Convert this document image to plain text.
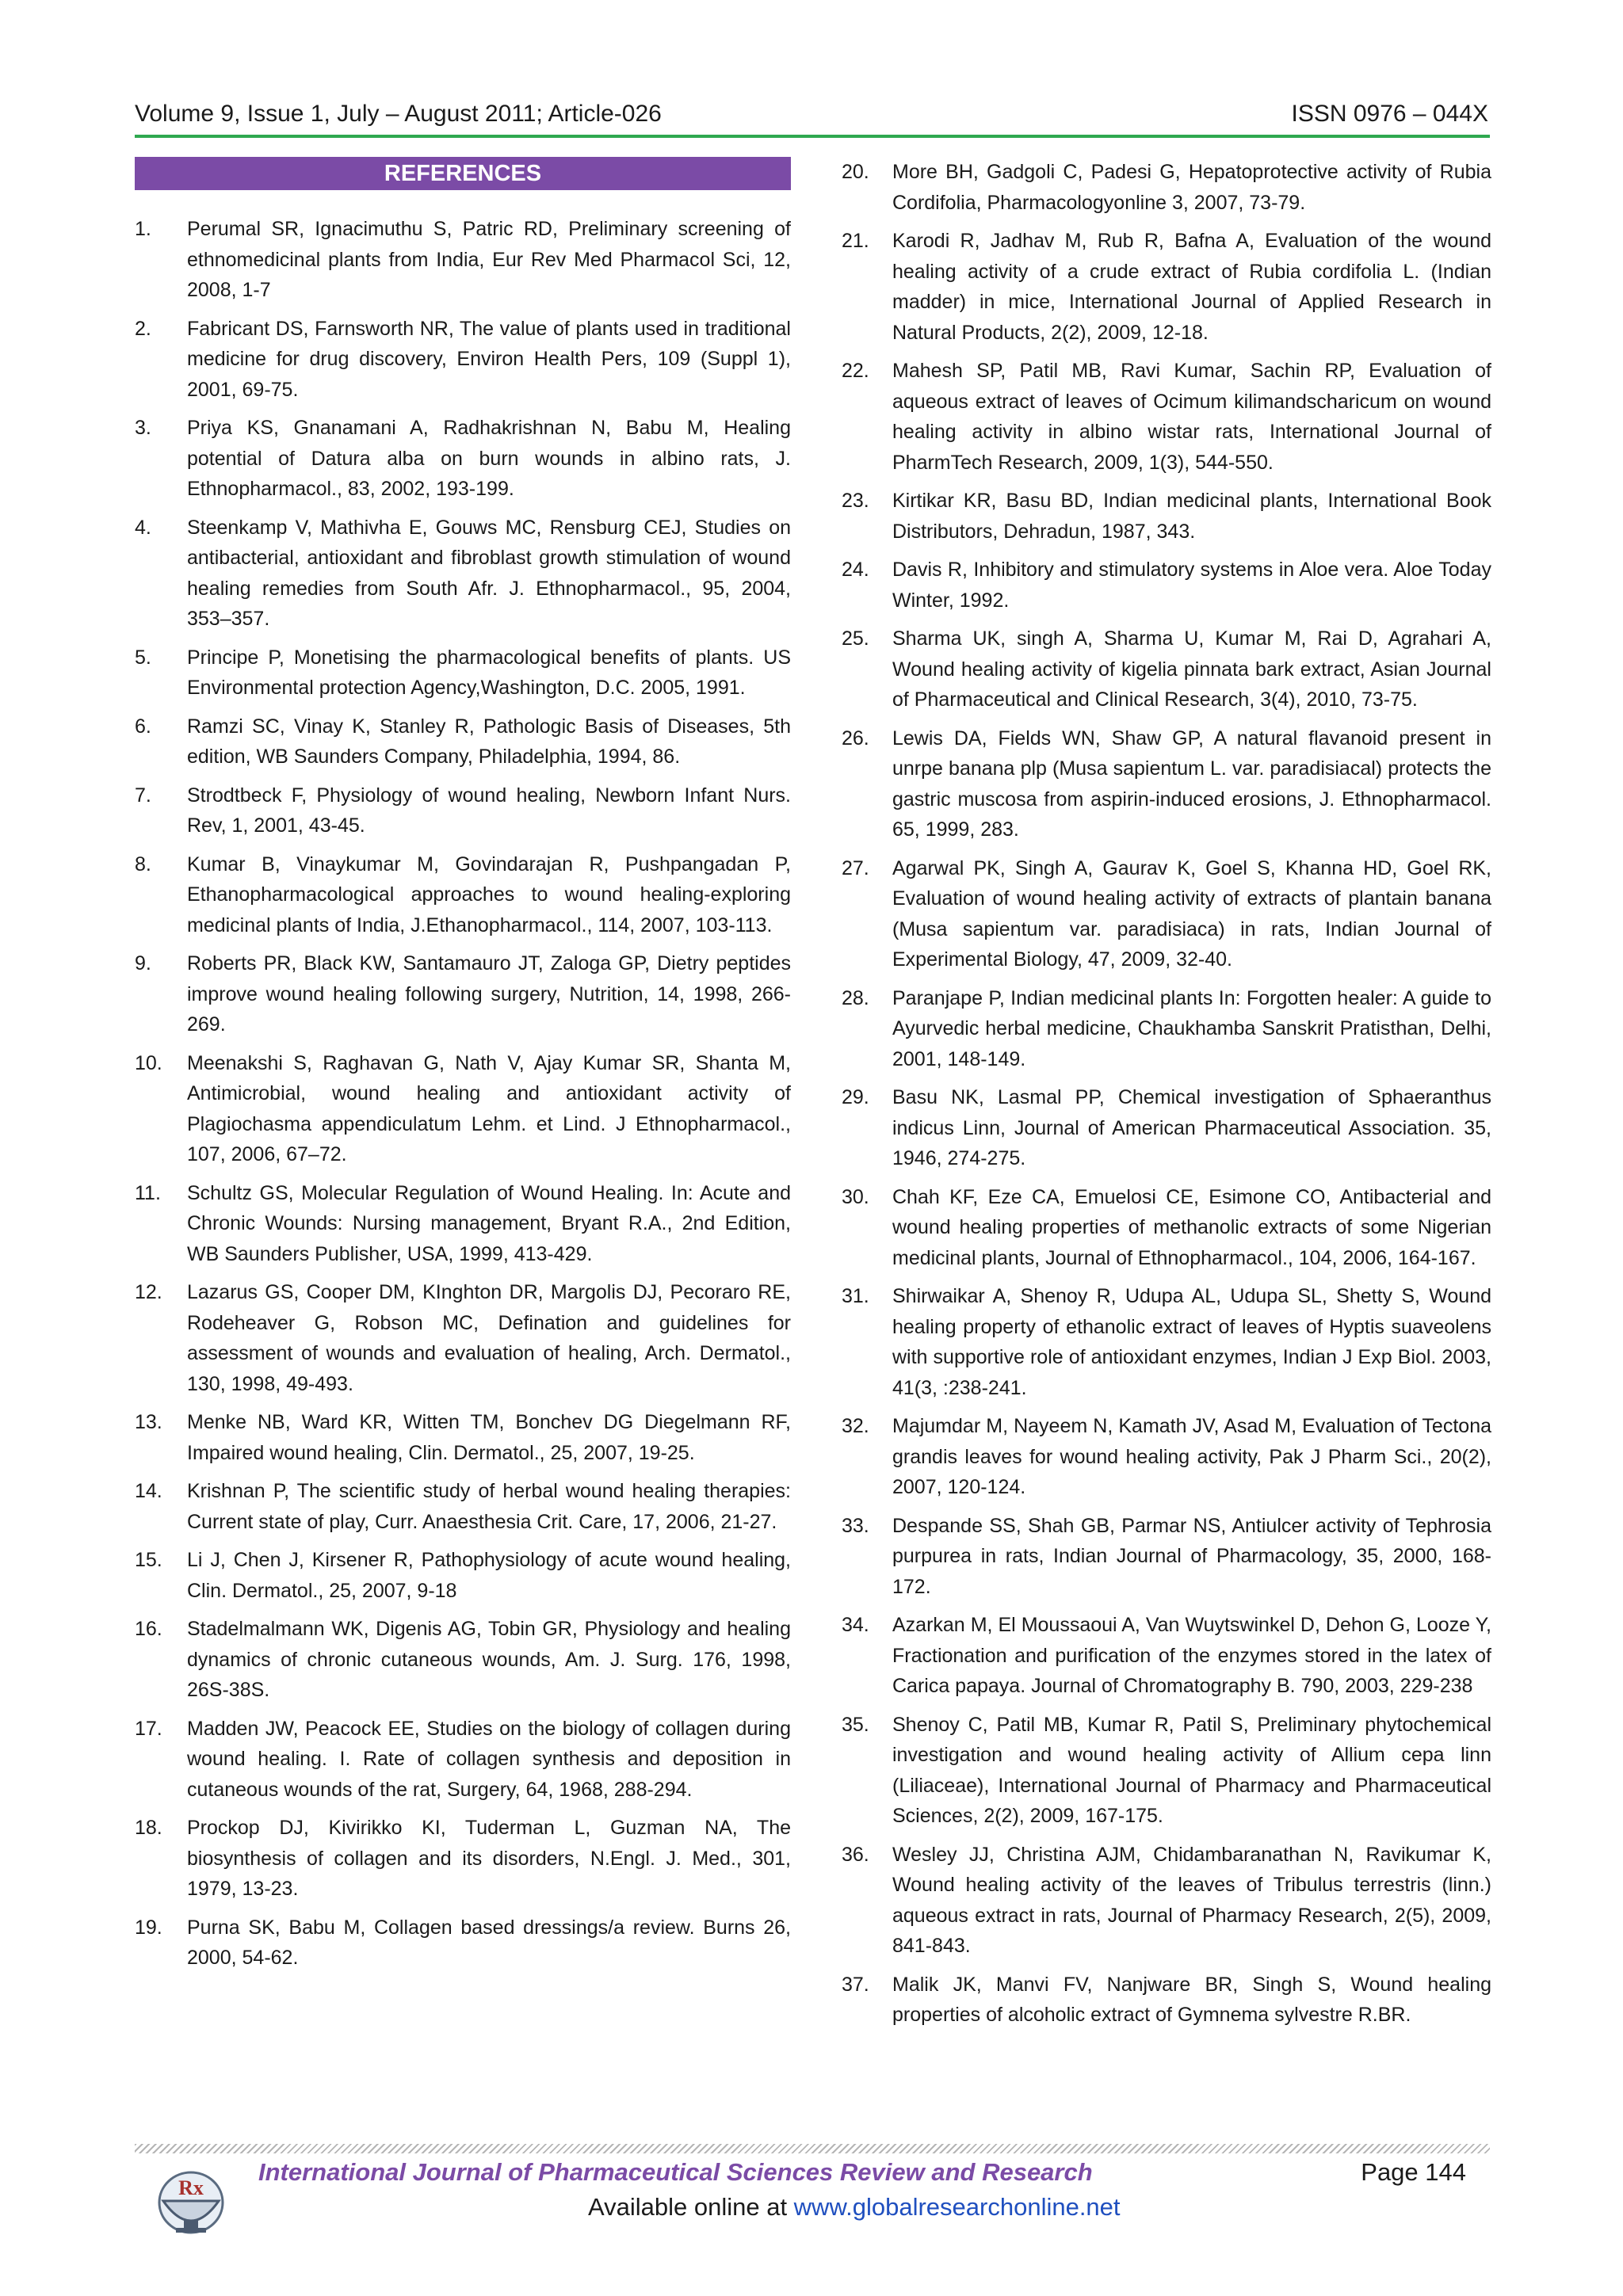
Volume 9, Issue 1, July – August 2011; Article-026	ISSN 0976 – 044X
REFERENCES
1.	Perumal SR, Ignacimuthu S, Patric RD, Preliminary screening of ethnomedicinal plants from India, Eur Rev Med Pharmacol Sci, 12, 2008, 1-7
2.	Fabricant DS, Farnsworth NR, The value of plants used in traditional medicine for drug discovery, Environ Health Pers, 109 (Suppl 1), 2001, 69-75.
3.	Priya KS, Gnanamani A, Radhakrishnan N, Babu M, Healing potential of Datura alba on burn wounds in albino rats, J. Ethnopharmacol., 83, 2002, 193-199.
4.	Steenkamp V, Mathivha E, Gouws MC, Rensburg CEJ, Studies on antibacterial, antioxidant and fibroblast growth stimulation of wound healing remedies from South Afr. J. Ethnopharmacol., 95, 2004, 353–357.
5.	Principe P, Monetising the pharmacological benefits of plants. US Environmental protection Agency,Washington, D.C. 2005, 1991.
6.	Ramzi SC, Vinay K, Stanley R, Pathologic Basis of Diseases, 5th edition, WB Saunders Company, Philadelphia, 1994, 86.
7.	Strodtbeck F, Physiology of wound healing, Newborn Infant Nurs. Rev, 1, 2001, 43-45.
8.	Kumar B, Vinaykumar M, Govindarajan R, Pushpangadan P, Ethanopharmacological approaches to wound healing-exploring medicinal plants of India, J.Ethanopharmacol., 114, 2007, 103-113.
9.	Roberts PR, Black KW, Santamauro JT, Zaloga GP, Dietry peptides improve wound healing following surgery, Nutrition, 14, 1998, 266-269.
10. Meenakshi S, Raghavan G, Nath V, Ajay Kumar SR, Shanta M, Antimicrobial, wound healing and antioxidant activity of Plagiochasma appendiculatum Lehm. et Lind. J Ethnopharmacol., 107, 2006, 67–72.
11. Schultz GS, Molecular Regulation of Wound Healing. In: Acute and Chronic Wounds: Nursing management, Bryant R.A., 2nd Edition, WB Saunders Publisher, USA, 1999, 413-429.
12. Lazarus GS, Cooper DM, KInghton DR, Margolis DJ, Pecoraro RE, Rodeheaver G, Robson MC, Defination and guidelines for assessment of wounds and evaluation of healing, Arch. Dermatol., 130, 1998, 49-493.
13. Menke NB, Ward KR, Witten TM, Bonchev DG Diegelmann RF, Impaired wound healing, Clin. Dermatol., 25, 2007, 19-25.
14. Krishnan P, The scientific study of herbal wound healing therapies: Current state of play, Curr. Anaesthesia Crit. Care, 17, 2006, 21-27.
15. Li J, Chen J, Kirsener R, Pathophysiology of acute wound healing, Clin. Dermatol., 25, 2007, 9-18
16. Stadelmalmann WK, Digenis AG, Tobin GR, Physiology and healing dynamics of chronic cutaneous wounds, Am. J. Surg. 176, 1998, 26S-38S.
17. Madden JW, Peacock EE, Studies on the biology of collagen during wound healing. I. Rate of collagen synthesis and deposition in cutaneous wounds of the rat, Surgery, 64, 1968, 288-294.
18. Prockop DJ, Kivirikko KI, Tuderman L, Guzman NA, The biosynthesis of collagen and its disorders, N.Engl. J. Med., 301, 1979, 13-23.
19. Purna SK, Babu M, Collagen based dressings/a review. Burns 26, 2000, 54-62.
20. More BH, Gadgoli C, Padesi G, Hepatoprotective activity of Rubia Cordifolia, Pharmacologyonline 3, 2007, 73-79.
21. Karodi R, Jadhav M, Rub R, Bafna A, Evaluation of the wound healing activity of a crude extract of Rubia cordifolia L. (Indian madder) in mice, International Journal of Applied Research in Natural Products, 2(2), 2009, 12-18.
22. Mahesh SP, Patil MB, Ravi Kumar, Sachin RP, Evaluation of aqueous extract of leaves of Ocimum kilimandscharicum on wound healing activity in albino wistar rats, International Journal of PharmTech Research, 2009, 1(3), 544-550.
23. Kirtikar KR, Basu BD, Indian medicinal plants, International Book Distributors, Dehradun, 1987, 343.
24. Davis R, Inhibitory and stimulatory systems in Aloe vera. Aloe Today Winter, 1992.
25. Sharma UK, singh A, Sharma U, Kumar M, Rai D, Agrahari A, Wound healing activity of kigelia pinnata bark extract, Asian Journal of Pharmaceutical and Clinical Research, 3(4), 2010, 73-75.
26. Lewis DA, Fields WN, Shaw GP, A natural flavanoid present in unrpe banana plp (Musa sapientum L. var. paradisiacal) protects the gastric muscosa from aspirin-induced erosions, J. Ethnopharmacol. 65, 1999, 283.
27. Agarwal PK, Singh A, Gaurav K, Goel S, Khanna HD, Goel RK, Evaluation of wound healing activity of extracts of plantain banana (Musa sapientum var. paradisiaca) in rats, Indian Journal of Experimental Biology, 47, 2009, 32-40.
28. Paranjape P, Indian medicinal plants In: Forgotten healer: A guide to Ayurvedic herbal medicine, Chaukhamba Sanskrit Pratisthan, Delhi, 2001, 148-149.
29. Basu NK, Lasmal PP, Chemical investigation of Sphaeranthus indicus Linn, Journal of American Pharmaceutical Association. 35, 1946, 274-275.
30. Chah KF, Eze CA, Emuelosi CE, Esimone CO, Antibacterial and wound healing properties of methanolic extracts of some Nigerian medicinal plants, Journal of Ethnopharmacol., 104, 2006, 164-167.
31. Shirwaikar A, Shenoy R, Udupa AL, Udupa SL, Shetty S, Wound healing property of ethanolic extract of leaves of Hyptis suaveolens with supportive role of antioxidant enzymes, Indian J Exp Biol. 2003, 41(3, :238-241.
32. Majumdar M, Nayeem N, Kamath JV, Asad M, Evaluation of Tectona grandis leaves for wound healing activity, Pak J Pharm Sci., 20(2), 2007, 120-124.
33. Despande SS, Shah GB, Parmar NS, Antiulcer activity of Tephrosia purpurea in rats, Indian Journal of Pharmacology, 35, 2000, 168-172.
34. Azarkan M, El Moussaoui A, Van Wuytswinkel D, Dehon G, Looze Y, Fractionation and purification of the enzymes stored in the latex of Carica papaya. Journal of Chromatography B. 790, 2003, 229-238
35. Shenoy C, Patil MB, Kumar R, Patil S, Preliminary phytochemical investigation and wound healing activity of Allium cepa linn (Liliaceae), International Journal of Pharmacy and Pharmaceutical Sciences, 2(2), 2009, 167-175.
36. Wesley JJ, Christina AJM, Chidambaranathan N, Ravikumar K, Wound healing activity of the leaves of Tribulus terrestris (linn.) aqueous extract in rats, Journal of Pharmacy Research, 2(5), 2009, 841-843.
37. Malik JK, Manvi FV, Nanjware BR, Singh S, Wound healing properties of alcoholic extract of Gymnema sylvestre R.BR.
Rx
International Journal of Pharmaceutical Sciences Review and Research	Page 144
Available online at www.globalresearchonline.net
